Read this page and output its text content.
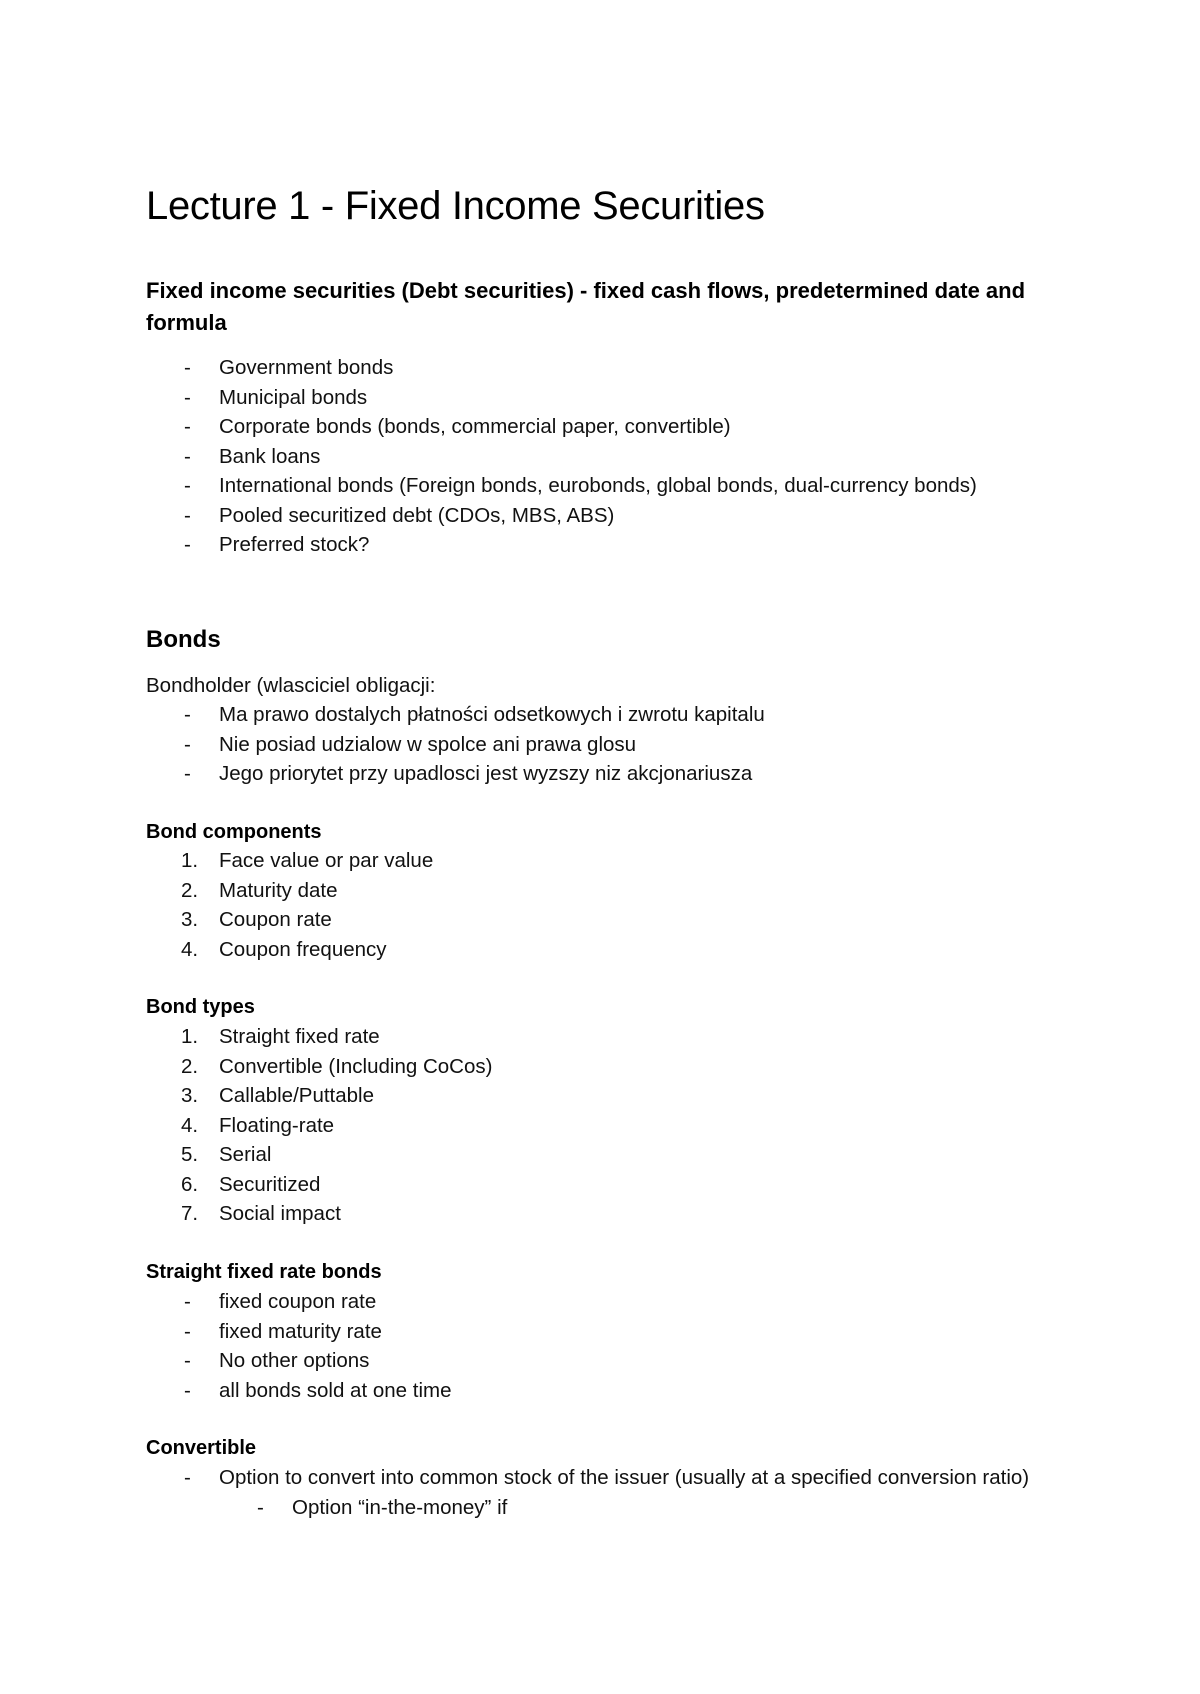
Lecture 1 - Fixed Income Securities
Fixed income securities (Debt securities) - fixed cash flows, predetermined date and formula
- Government bonds
- Municipal bonds
- Corporate bonds (bonds, commercial paper, convertible)
- Bank loans
- International bonds (Foreign bonds, eurobonds, global bonds, dual-currency bonds)
- Pooled securitized debt (CDOs, MBS, ABS)
- Preferred stock?
Bonds

Bondholder (wlasciciel obligacji:

- Ma prawo dostalych płatności odsetkowych i zwrotu kapitalu
- Nie posiad udzialow w spolce ani prawa glosu
- Jego priorytet przy upadlosci jest wyzszy niz akcjonariusza
Bond components
1. Face value or par value
2. Maturity date
3. Coupon rate
4. Coupon frequency
Bond types
1. Straight fixed rate
2. Convertible (Including CoCos)
3. Callable/Puttable
4. Floating-rate
5. Serial
6. Securitized
7. Social impact
Straight fixed rate bonds
- fixed coupon rate
- fixed maturity rate
- No other options
- all bonds sold at one time
Convertible
- Option to convert into common stock of the issuer (usually at a specified conversion ratio)
- Option “in-the-money” if
